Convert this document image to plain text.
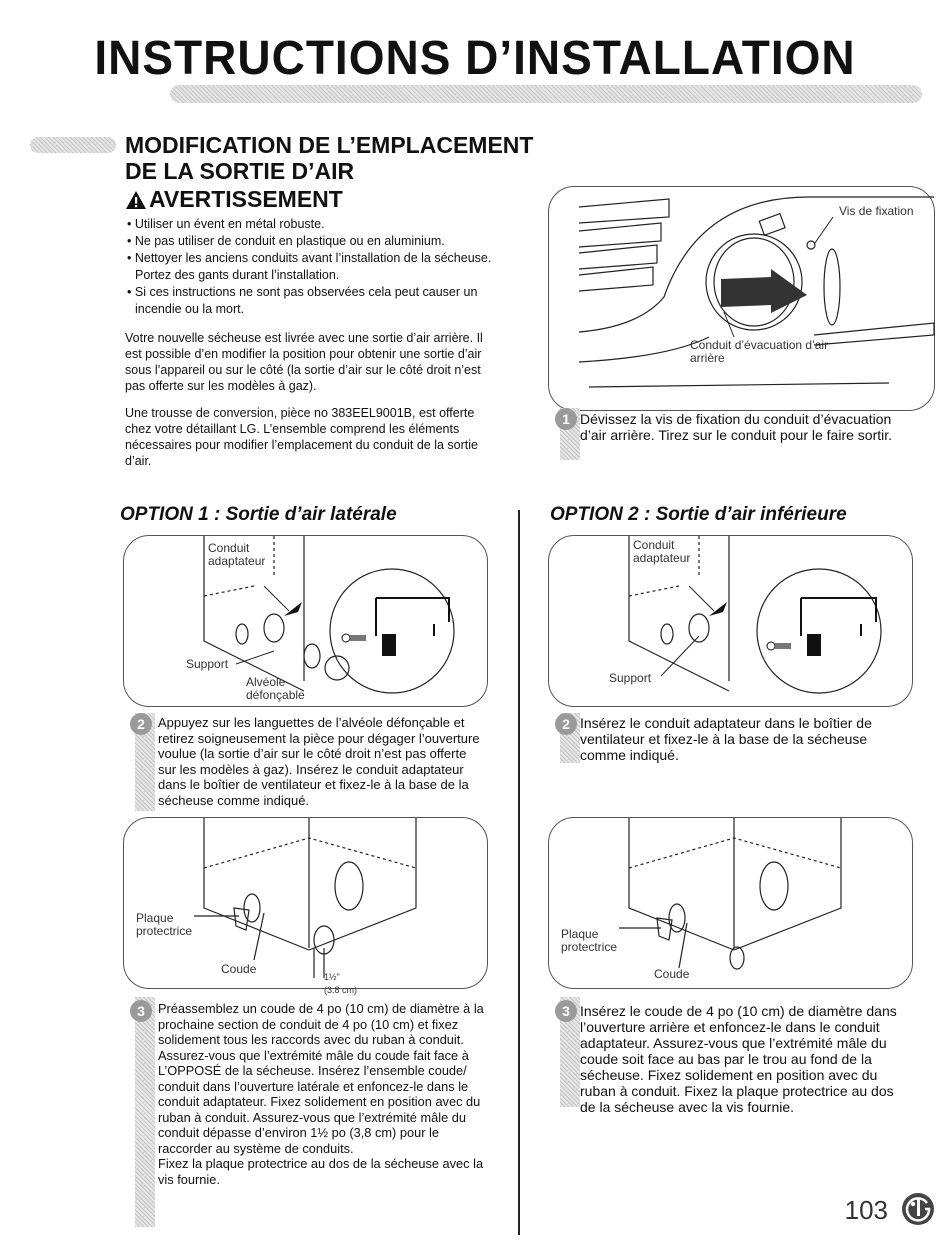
INSTRUCTIONS D’INSTALLATION
MODIFICATION DE L’EMPLACEMENT
DE LA SORTIE D’AIR
AVERTISSEMENT
• Utiliser un évent en métal robuste.
• Ne pas utiliser de conduit en plastique ou en aluminium.
• Nettoyer les anciens conduits avant l’installation de la sécheuse. Portez des gants durant l’installation.
• Si ces instructions ne sont pas observées cela peut causer un incendie ou la mort.
Votre nouvelle sécheuse est livrée avec une sortie d’air arrière. Il est possible d’en modifier la position pour obtenir une sortie d’air sous l’appareil ou sur le côté (la sortie d’air sur le côté droit n’est pas offerte sur les modèles à gaz).
Une trousse de conversion, pièce no 383EEL9001B, est offerte chez votre détaillant LG. L’ensemble comprend les éléments nécessaires pour modifier l’emplacement du conduit de la sortie d’air.
Vis de fixation
Conduit d’évacuation d’air arrière
1 Dévissez la vis de fixation du conduit d’évacuation d’air arrière. Tirez sur le conduit pour le faire sortir.
OPTION 1 : Sortie d’air latérale
Conduit adaptateur
Support
Alvéole défonçable
2 Appuyez sur les languettes de l’alvéole défonçable et retirez soigneusement la pièce pour dégager l’ouverture voulue (la sortie d’air sur le côté droit n’est pas offerte sur les modèles à gaz). Insérez le conduit adaptateur dans le boîtier de ventilateur et fixez-le à la base de la sécheuse comme indiqué.
Plaque protectrice
Coude
1½"
(3.8 cm)
3 Préassemblez un coude de 4 po (10 cm) de diamètre à la prochaine section de conduit de 4 po (10 cm) et fixez solidement tous les raccords avec du ruban à conduit. Assurez-vous que l’extrémité mâle du coude fait face à L’OPPOSÉ de la sécheuse. Insérez l’ensemble coude/ conduit dans l’ouverture latérale et enfoncez-le dans le conduit adaptateur. Fixez solidement en position avec du ruban à conduit. Assurez-vous que l’extrémité mâle du conduit dépasse d’environ 1½ po (3,8 cm) pour le raccorder au système de conduits.
Fixez la plaque protectrice au dos de la sécheuse avec la vis fournie.
OPTION 2 : Sortie d’air inférieure
Conduit adaptateur
Support
2 Insérez le conduit adaptateur dans le boîtier de ventilateur et fixez-le à la base de la sécheuse comme indiqué.
Plaque protectrice
Coude
3 Insérez le coude de 4 po (10 cm) de diamètre dans l’ouverture arrière et enfoncez-le dans le conduit adaptateur. Assurez-vous que l’extrémité mâle du coude soit face au bas par le trou au fond de la sécheuse. Fixez solidement en position avec du ruban à conduit. Fixez la plaque protectrice au dos de la sécheuse avec la vis fournie.
103
